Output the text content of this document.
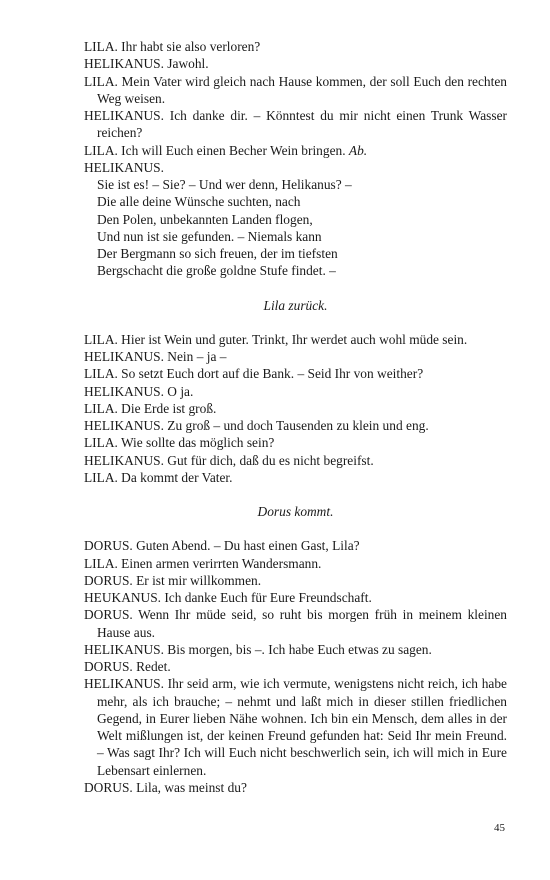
LILA. Ihr habt sie also verloren?
HELIKANUS. Jawohl.
LILA. Mein Vater wird gleich nach Hause kommen, der soll Euch den rechten Weg weisen.
HELIKANUS. Ich danke dir. – Könntest du mir nicht einen Trunk Wasser reichen?
LILA. Ich will Euch einen Becher Wein bringen. Ab.
HELIKANUS.
Sie ist es! – Sie? – Und wer denn, Helikanus? –
Die alle deine Wünsche suchten, nach
Den Polen, unbekannten Landen flogen,
Und nun ist sie gefunden. – Niemals kann
Der Bergmann so sich freuen, der im tiefsten
Bergschacht die große goldne Stufe findet. –
Lila zurück.
LILA. Hier ist Wein und guter. Trinkt, Ihr werdet auch wohl müde sein.
HELIKANUS. Nein – ja –
LILA. So setzt Euch dort auf die Bank. – Seid Ihr von weither?
HELIKANUS. O ja.
LILA. Die Erde ist groß.
HELIKANUS. Zu groß – und doch Tausenden zu klein und eng.
LILA. Wie sollte das möglich sein?
HELIKANUS. Gut für dich, daß du es nicht begreifst.
LILA. Da kommt der Vater.
Dorus kommt.
DORUS. Guten Abend. – Du hast einen Gast, Lila?
LILA. Einen armen verirrten Wandersmann.
DORUS. Er ist mir willkommen.
HEUKANUS. Ich danke Euch für Eure Freundschaft.
DORUS. Wenn Ihr müde seid, so ruht bis morgen früh in meinem kleinen Hause aus.
HELIKANUS. Bis morgen, bis –. Ich habe Euch etwas zu sagen.
DORUS. Redet.
HELIKANUS. Ihr seid arm, wie ich vermute, wenigstens nicht reich, ich habe mehr, als ich brauche; – nehmt und laßt mich in dieser stillen friedlichen Gegend, in Eurer lieben Nähe wohnen. Ich bin ein Mensch, dem alles in der Welt mißlungen ist, der keinen Freund gefunden hat: Seid Ihr mein Freund. – Was sagt Ihr? Ich will Euch nicht beschwerlich sein, ich will mich in Eure Lebensart einlernen.
DORUS. Lila, was meinst du?
45
